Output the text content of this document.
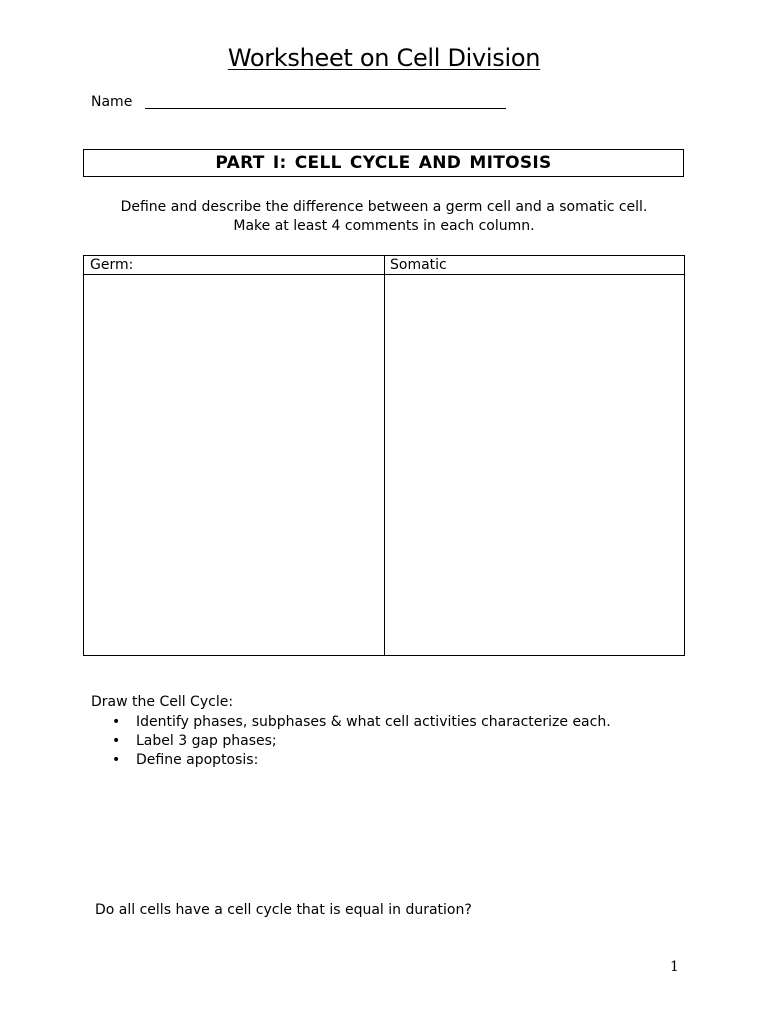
Worksheet on Cell Division
Name
PART I: CELL CYCLE AND MITOSIS
Define and describe the difference between a germ cell and a somatic cell.
Make at least 4 comments in each column.
Germ:	Somatic
Draw the Cell Cycle:
• Identify phases, subphases & what cell activities characterize each.
• Label 3 gap phases;
• Define apoptosis:
Do all cells have a cell cycle that is equal in duration?
1
